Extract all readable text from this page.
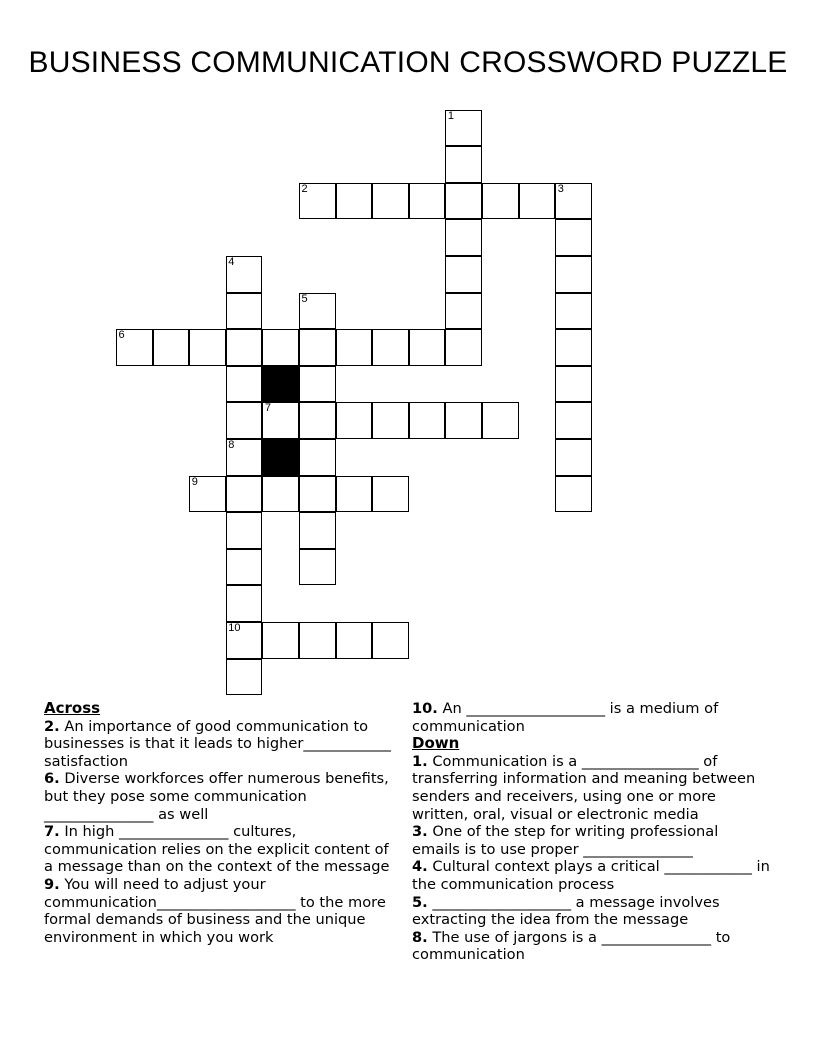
BUSINESS COMMUNICATION CROSSWORD PUZZLE
1
2	3
4
8
5
6
7
10
9
Across
2. An importance of good communication to businesses is that it leads to higher____________ satisfaction
6. Diverse workforces offer numerous benefits, but they pose some communication _______________ as well
7. In high _______________ cultures, communication relies on the explicit content of a message than on the context of the message
9. You will need to adjust your communication___________________ to the more formal demands of business and the unique environment in which you work
10. An ___________________ is a medium of communication
Down
1. Communication is a ________________ of transferring information and meaning between senders and receivers, using one or more written, oral, visual or electronic media
3. One of the step for writing professional emails is to use proper _______________
4. Cultural context plays a critical ____________ in the communication process
5. ___________________ a message involves extracting the idea from the message
8. The use of jargons is a _______________ to communication
